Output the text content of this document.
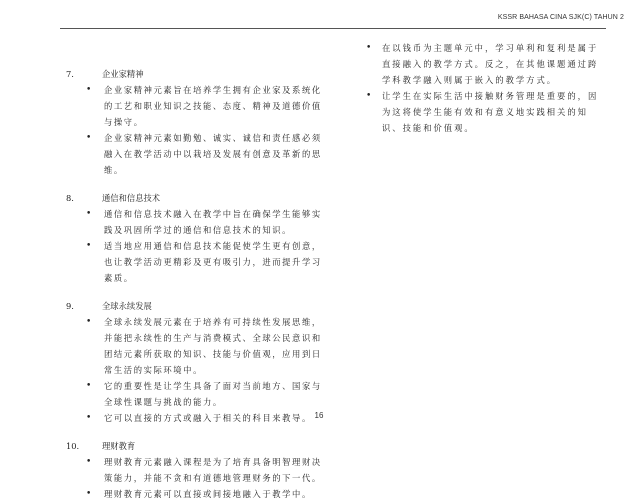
KSSR BAHASA CINA SJK(C) TAHUN 2
7.	企业家精神
•	企业家精神元素旨在培养学生拥有企业家及系统化的工艺和职业知识之技能、态度、精神及道德价值与操守。
•	企业家精神元素如勤勉、诚实、诚信和责任感必须融入在教学活动中以栽培及发展有创意及革新的思维。
8.	通信和信息技术
•	通信和信息技术融入在教学中旨在确保学生能够实践及巩固所学过的通信和信息技术的知识。
•	适当地应用通信和信息技术能促使学生更有创意，也让教学活动更精彩及更有吸引力，进而提升学习素质。
9.	全球永续发展
•	全球永续发展元素在于培养有可持续性发展思维，并能把永续性的生产与消费模式、全球公民意识和团结元素所获取的知识、技能与价值观，应用到日常生活的实际环境中。
•	它的重要性是让学生具备了面对当前地方、国家与全球性课题与挑战的能力。
•	它可以直接的方式或融入于相关的科目来教导。
10.	理财教育
•	理财教育元素融入课程是为了培育具备明智理财决策能力，并能不贪和有道德地管理财务的下一代。
•	理财教育元素可以直接或间接地融入于教学中。
•	在以钱币为主题单元中，学习单利和复利是属于直接融入的教学方式。反之，在其他课题通过跨学科教学融入则属于嵌入的教学方式。
•	让学生在实际生活中接触财务管理是重要的，因为这将使学生能有效和有意义地实践相关的知识、技能和价值观。
16
